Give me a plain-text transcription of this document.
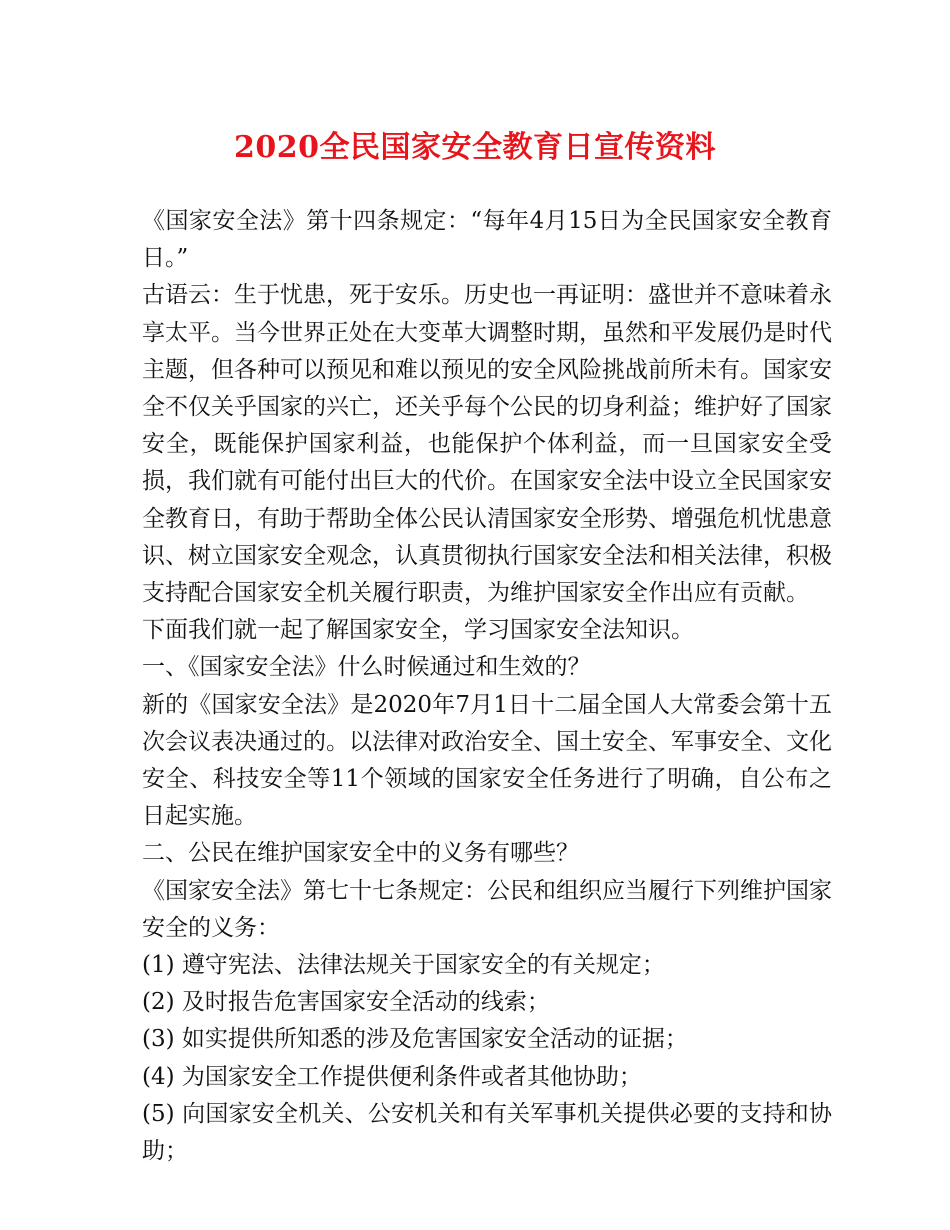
2020全民国家安全教育日宣传资料

《国家安全法》第十四条规定：“每年4月15日为全民国家安全教育日。”

古语云：生于忧患，死于安乐。历史也一再证明：盛世并不意味着永享太平。当今世界正处在大变革大调整时期，虽然和平发展仍是时代主题，但各种可以预见和难以预见的安全风险挑战前所未有。国家安全不仅关乎国家的兴亡，还关乎每个公民的切身利益；维护好了国家安全，既能保护国家利益，也能保护个体利益，而一旦国家安全受损，我们就有可能付出巨大的代价。在国家安全法中设立全民国家安全教育日，有助于帮助全体公民认清国家安全形势、增强危机忧患意识、树立国家安全观念，认真贯彻执行国家安全法和相关法律，积极支持配合国家安全机关履行职责，为维护国家安全作出应有贡献。

下面我们就一起了解国家安全，学习国家安全法知识。

一、《国家安全法》什么时候通过和生效的？

新的《国家安全法》是2020年7月1日十二届全国人大常委会第十五次会议表决通过的。以法律对政治安全、国土安全、军事安全、文化安全、科技安全等11个领域的国家安全任务进行了明确，自公布之日起实施。

二、公民在维护国家安全中的义务有哪些？

《国家安全法》第七十七条规定：公民和组织应当履行下列维护国家安全的义务：

(1) 遵守宪法、法律法规关于国家安全的有关规定；

(2) 及时报告危害国家安全活动的线索；

(3) 如实提供所知悉的涉及危害国家安全活动的证据；

(4) 为国家安全工作提供便利条件或者其他协助；

(5) 向国家安全机关、公安机关和有关军事机关提供必要的支持和协助；
